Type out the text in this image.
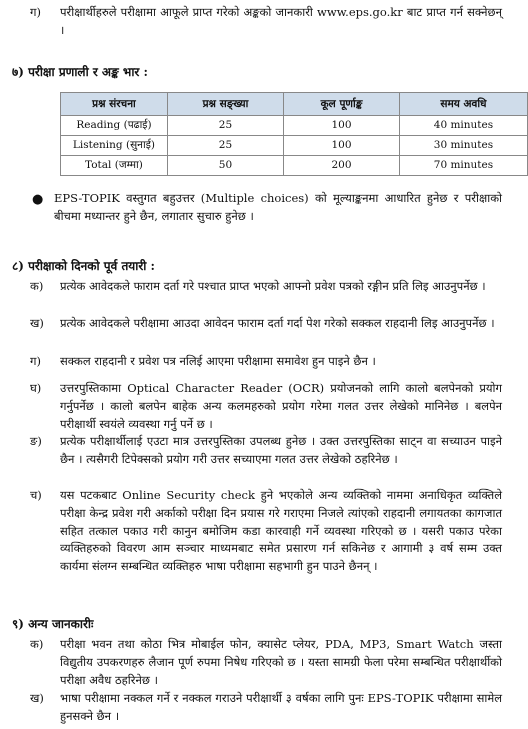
ग)	परीक्षार्थीहरुले परीक्षामा आफूले प्राप्त गरेको अङ्कको जानकारी www.eps.go.kr बाट प्राप्त गर्न सक्नेछन् ।
७) परीक्षा प्रणाली र अङ्क भार :
प्रश्न संरचना	प्रश्न सङ्ख्या	कूल पूर्णाङ्क	समय अवधि
Reading (पढाई)	25	100	40 minutes
Listening (सुनाई)	25	100	30 minutes
Total (जम्मा)	50	200	70 minutes
● EPS-TOPIK वस्तुगत बहुउत्तर (Multiple choices) को मूल्याङ्कनमा आधारित हुनेछ र परीक्षाको बीचमा मध्यान्तर हुने छैन, लगातार सुचारु हुनेछ ।
८) परीक्षाको दिनको पूर्व तयारी :
क)	प्रत्येक आवेदकले फाराम दर्ता गरे पश्चात प्राप्त भएको आफ्नो प्रवेश पत्रको रङ्गीन प्रति लिइ आउनुपर्नेछ ।
ख)	प्रत्येक आवेदकले परीक्षामा आउदा आवेदन फाराम दर्ता गर्दा पेश गरेको सक्कल राहदानी लिइ आउनुपर्नेछ ।
ग)	सक्कल राहदानी र प्रवेश पत्र नलिई आएमा परीक्षामा समावेश हुन पाइने छैन ।
घ)	उत्तरपुस्तिकामा Optical Character Reader (OCR) प्रयोजनको लागि कालो बलपेनको प्रयोग गर्नुपर्नेछ । कालो बलपेन बाहेक अन्य कलमहरुको प्रयोग गरेमा गलत उत्तर लेखेको मानिनेछ । बलपेन परीक्षार्थी स्वयंले व्यवस्था गर्नु पर्ने छ ।
ङ)	प्रत्येक परीक्षार्थीलाई एउटा मात्र उत्तरपुस्तिका उपलब्ध हुनेछ । उक्त उत्तरपुस्तिका साट्न वा सच्याउन पाइने छैन । त्यसैगरी टिपेक्सको प्रयोग गरी उत्तर सच्याएमा गलत उत्तर लेखेको ठहरिनेछ ।
च)	यस पटकबाट Online Security check हुने भएकोले अन्य व्यक्तिको नाममा अनाधिकृत व्यक्तिले परीक्षा केन्द्र प्रवेश गरी अर्काको परीक्षा दिन प्रयास गरे गराएमा निजले त्यांएको राहदानी लगायतका कागजात सहित तत्काल पकाउ गरी कानुन बमोजिम कडा कारवाही गर्ने व्यवस्था गरिएको छ । यसरी पकाउ परेका व्यक्तिहरुको विवरण आम सञ्चार माध्यमबाट समेत प्रसारण गर्न सकिनेछ र आगामी ३ वर्ष सम्म उक्त कार्यमा संलग्न सम्बन्धित व्यक्तिहरु भाषा परीक्षामा सहभागी हुन पाउने छैनन् ।
९) अन्य जानकारीः
क)	परीक्षा भवन तथा कोठा भित्र मोबाईल फोन, क्यासेट प्लेयर, PDA, MP3, Smart Watch जस्ता विद्युतीय उपकरणहरु लैजान पूर्ण रुपमा निषेध गरिएको छ । यस्ता सामग्री फेला परेमा सम्बन्धित परीक्षार्थीको परीक्षा अवैध ठहरिनेछ ।
ख)	भाषा परीक्षामा नक्कल गर्ने र नक्कल गराउने परीक्षार्थी ३ वर्षका लागि पुनः EPS-TOPIK परीक्षामा सामेल हुनसक्ने छैन ।
